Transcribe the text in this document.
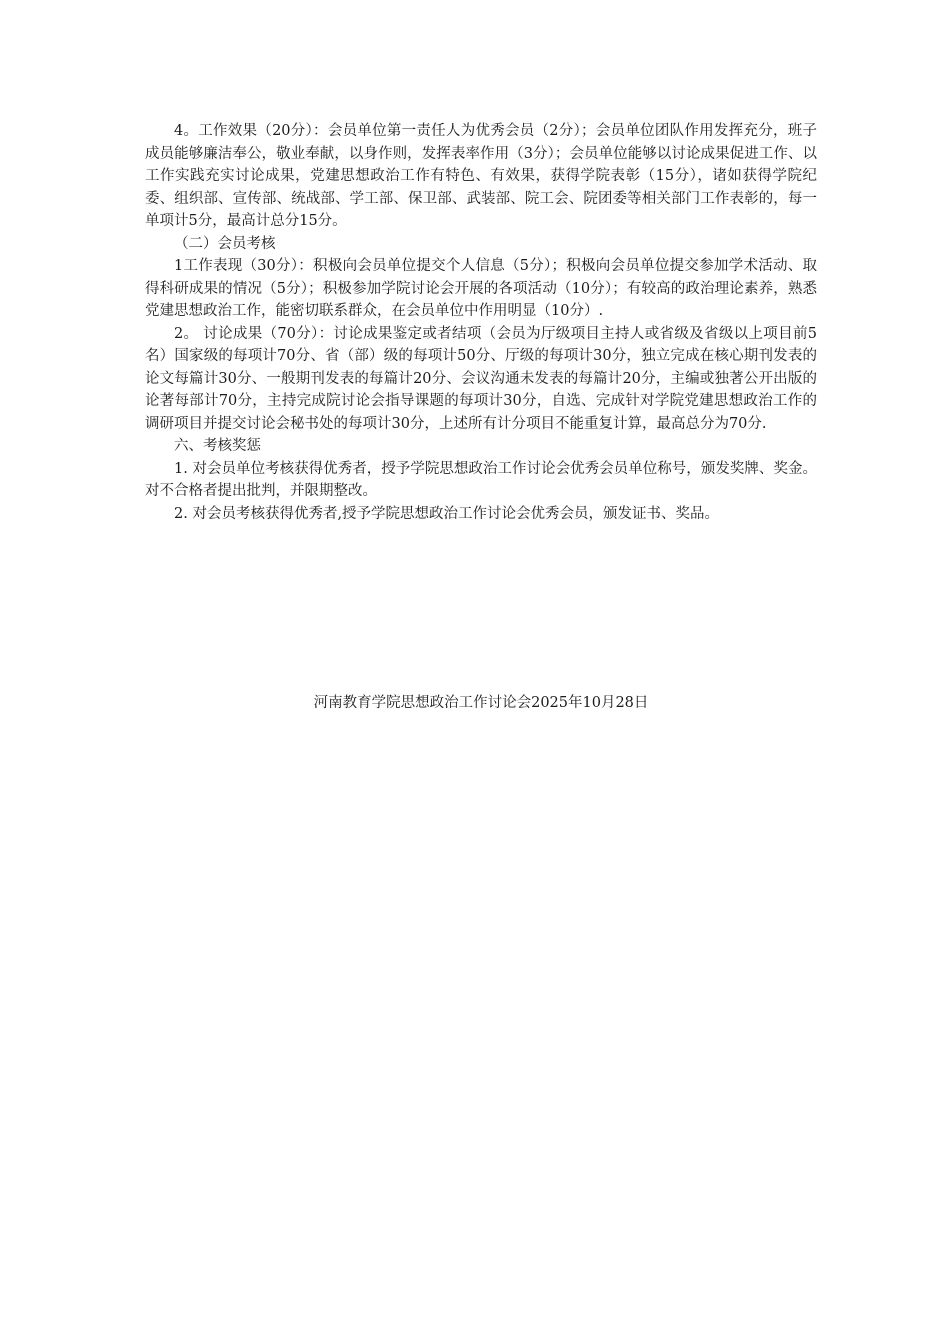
4。工作效果（20分）：会员单位第一责任人为优秀会员（2分）；会员单位团队作用发挥充分，班子成员能够廉洁奉公，敬业奉献，以身作则，发挥表率作用（3分）；会员单位能够以讨论成果促进工作、以工作实践充实讨论成果，党建思想政治工作有特色、有效果，获得学院表彰（15分），诸如获得学院纪委、组织部、宣传部、统战部、学工部、保卫部、武装部、院工会、院团委等相关部门工作表彰的，每一单项计5分，最高计总分15分。

（二）会员考核

1工作表现（30分）：积极向会员单位提交个人信息（5分）；积极向会员单位提交参加学术活动、取得科研成果的情况（5分）；积极参加学院讨论会开展的各项活动（10分）；有较高的政治理论素养，熟悉党建思想政治工作，能密切联系群众，在会员单位中作用明显（10分）.

2。 讨论成果（70分）：讨论成果鉴定或者结项（会员为厅级项目主持人或省级及省级以上项目前5名）国家级的每项计70分、省（部）级的每项计50分、厅级的每项计30分，独立完成在核心期刊发表的论文每篇计30分、一般期刊发表的每篇计20分、会议沟通未发表的每篇计20分，主编或独著公开出版的论著每部计70分，主持完成院讨论会指导课题的每项计30分，自选、完成针对学院党建思想政治工作的调研项目并提交讨论会秘书处的每项计30分，上述所有计分项目不能重复计算，最高总分为70分.

六、考核奖惩

1. 对会员单位考核获得优秀者，授予学院思想政治工作讨论会优秀会员单位称号，颁发奖牌、奖金。对不合格者提出批判，并限期整改。

2. 对会员考核获得优秀者,授予学院思想政治工作讨论会优秀会员，颁发证书、奖品。

河南教育学院思想政治工作讨论会2025年10月28日
